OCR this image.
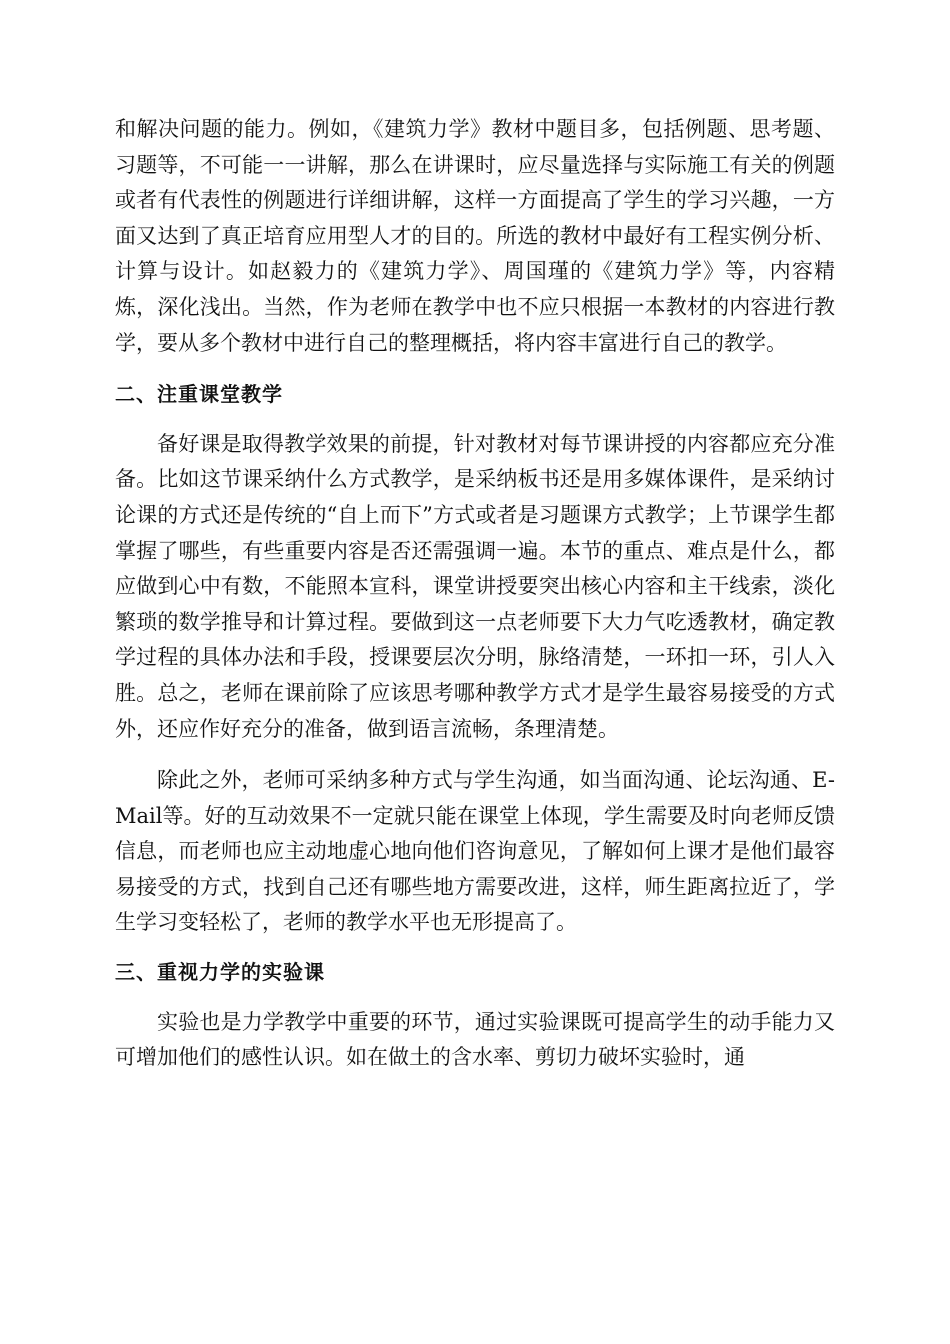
和解决问题的能力。例如，《建筑力学》教材中题目多，包括例题、思考题、习题等，不可能一一讲解，那么在讲课时，应尽量选择与实际施工有关的例题或者有代表性的例题进行详细讲解，这样一方面提高了学生的学习兴趣，一方面又达到了真正培育应用型人才的目的。所选的教材中最好有工程实例分析、计算与设计。如赵毅力的《建筑力学》、周国瑾的《建筑力学》等，内容精炼，深化浅出。当然，作为老师在教学中也不应只根据一本教材的内容进行教学，要从多个教材中进行自己的整理概括，将内容丰富进行自己的教学。

二、注重课堂教学

备好课是取得教学效果的前提，针对教材对每节课讲授的内容都应充分准备。比如这节课采纳什么方式教学，是采纳板书还是用多媒体课件，是采纳讨论课的方式还是传统的“自上而下”方式或者是习题课方式教学；上节课学生都掌握了哪些，有些重要内容是否还需强调一遍。本节的重点、难点是什么，都应做到心中有数，不能照本宣科，课堂讲授要突出核心内容和主干线索，淡化繁琐的数学推导和计算过程。要做到这一点老师要下大力气吃透教材，确定教学过程的具体办法和手段，授课要层次分明，脉络清楚，一环扣一环，引人入胜。总之，老师在课前除了应该思考哪种教学方式才是学生最容易接受的方式外，还应作好充分的准备，做到语言流畅，条理清楚。

除此之外，老师可采纳多种方式与学生沟通，如当面沟通、论坛沟通、E-Mail等。好的互动效果不一定就只能在课堂上体现，学生需要及时向老师反馈信息，而老师也应主动地虚心地向他们咨询意见，了解如何上课才是他们最容易接受的方式，找到自己还有哪些地方需要改进，这样，师生距离拉近了，学生学习变轻松了，老师的教学水平也无形提高了。

三、重视力学的实验课

实验也是力学教学中重要的环节，通过实验课既可提高学生的动手能力又可增加他们的感性认识。如在做土的含水率、剪切力破坏实验时，通
